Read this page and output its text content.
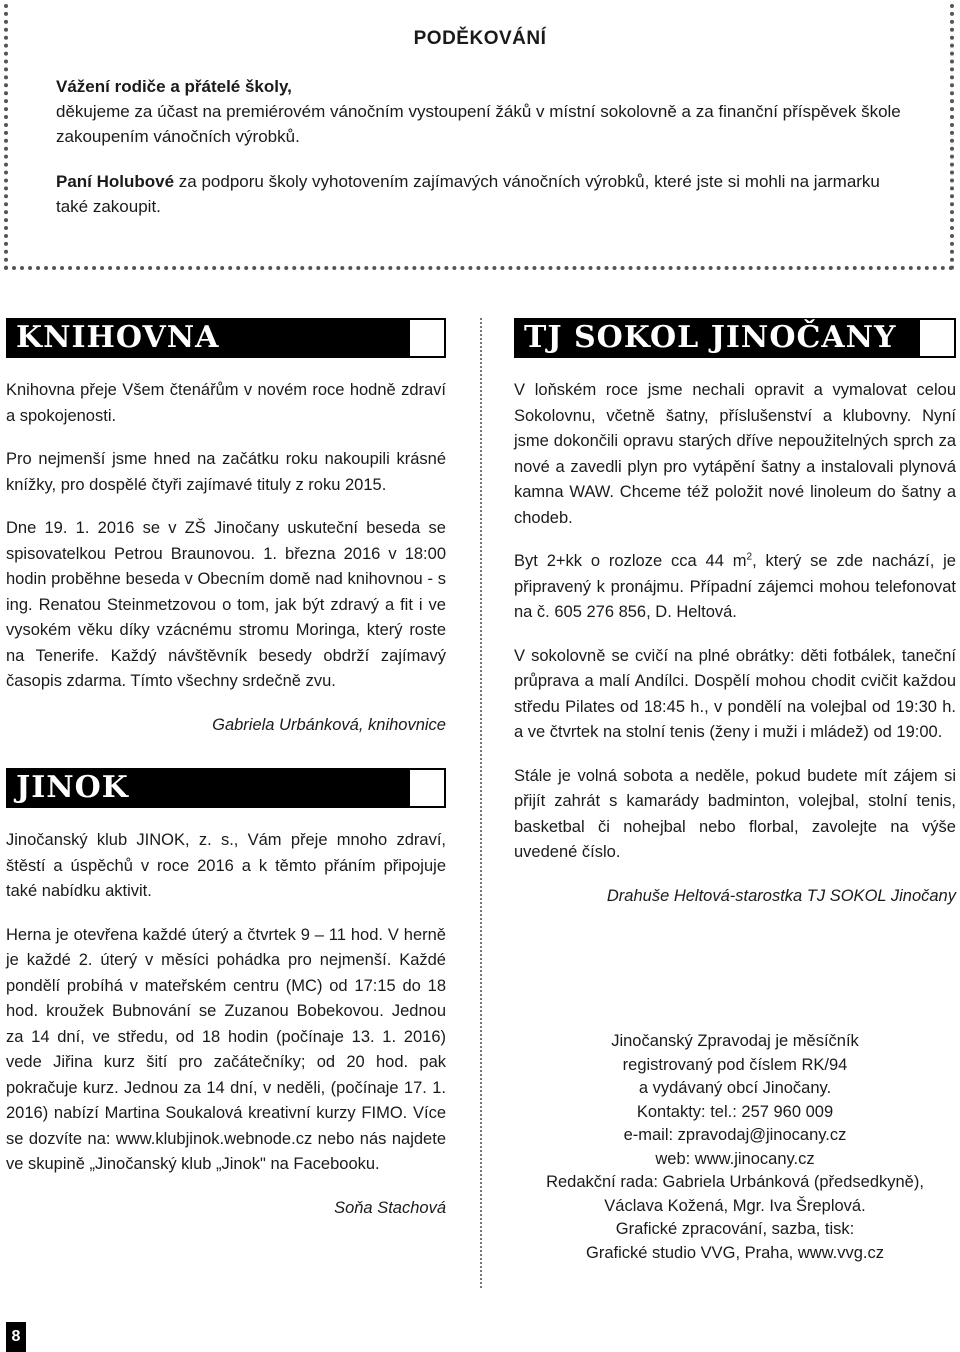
PODĚKOVÁNÍ

Vážení rodiče a přátelé školy,
děkujeme za účast na premiérovém vánočním vystoupení žáků v místní sokolovně a za finanční příspěvek škole zakoupením vánočních výrobků.

Paní Holubové za podporu školy vyhotovením zajímavých vánočních výrobků, které jste si mohli na jarmarku také zakoupit.

KNIHOVNA

Knihovna přeje Všem čtenářům v novém roce hodně zdraví a spokojenosti.

Pro nejmenší jsme hned na začátku roku nakoupili krásné knížky, pro dospělé čtyři zajímavé tituly z roku 2015.

Dne 19. 1. 2016 se v ZŠ Jinočany uskuteční beseda se spisovatelkou Petrou Braunovou. 1. března 2016 v 18:00 hodin proběhne beseda v Obecním domě nad knihovnou - s ing. Renatou Steinmetzovou o tom, jak být zdravý a fit i ve vysokém věku díky vzácnému stromu Moringa, který roste na Tenerife. Každý návštěvník besedy obdrží zajímavý časopis zdarma. Tímto všechny srdečně zvu.

Gabriela Urbánková, knihovnice
JINOK

Jinočanský klub JINOK, z. s., Vám přeje mnoho zdraví, štěstí a úspěchů v roce 2016 a k těmto přáním připojuje také nabídku aktivit.

Herna je otevřena každé úterý a čtvrtek 9 – 11 hod. V herně je každé 2. úterý v měsíci pohádka pro nejmenší. Každé pondělí probíhá v mateřském centru (MC) od 17:15 do 18 hod. kroužek Bubnování se Zuzanou Bobekovou. Jednou za 14 dní, ve středu, od 18 hodin (počínaje 13. 1. 2016) vede Jiřina kurz šití pro začátečníky; od 20 hod. pak pokračuje kurz. Jednou za 14 dní, v neděli, (počínaje 17. 1. 2016) nabízí Martina Soukalová kreativní kurzy FIMO. Více se dozvíte na: www.klubjinok.webnode.cz nebo nás najdete ve skupině „Jinočanský klub „Jinok" na Facebooku.

Soňa Stachová
TJ SOKOL JINOČANY

V loňském roce jsme nechali opravit a vymalovat celou Sokolovnu, včetně šatny, příslušenství a klubovny. Nyní jsme dokončili opravu starých dříve nepoužitelných sprch za nové a zavedli plyn pro vytápění šatny a instalovali plynová kamna WAW. Chceme též položit nové linoleum do šatny a chodeb.

Byt 2+kk o rozloze cca 44 $m^2$, který se zde nachází, je připravený k pronájmu. Případní zájemci mohou telefonovat na č. 605 276 856, D. Heltová.

V sokolovně se cvičí na plné obrátky: děti fotbálek, taneční průprava a malí Andílci. Dospělí mohou chodit cvičit každou středu Pilates od 18:45 h., v pondělí na volejbal od 19:30 h. a ve čtvrtek na stolní tenis (ženy i muži i mládež) od 19:00.

Stále je volná sobota a neděle, pokud budete mít zájem si přijít zahrát s kamarády badminton, volejbal, stolní tenis, basketbal či nohejbal nebo florbal, zavolejte na výše uvedené číslo.

Drahuše Heltová-starostka TJ SOKOL Jinočany
Jinočanský Zpravodaj je měsíčník
registrovaný pod číslem RK/94
a vydávaný obcí Jinočany.
Kontakty: tel.: 257 960 009
e-mail: zpravodaj@jinocany.cz
web: www.jinocany.cz
Redakční rada: Gabriela Urbánková (předsedkyně),
Václava Kožená, Mgr. Iva Šreplová.
Grafické zpracování, sazba, tisk:
Grafické studio VVG, Praha, www.vvg.cz
8
